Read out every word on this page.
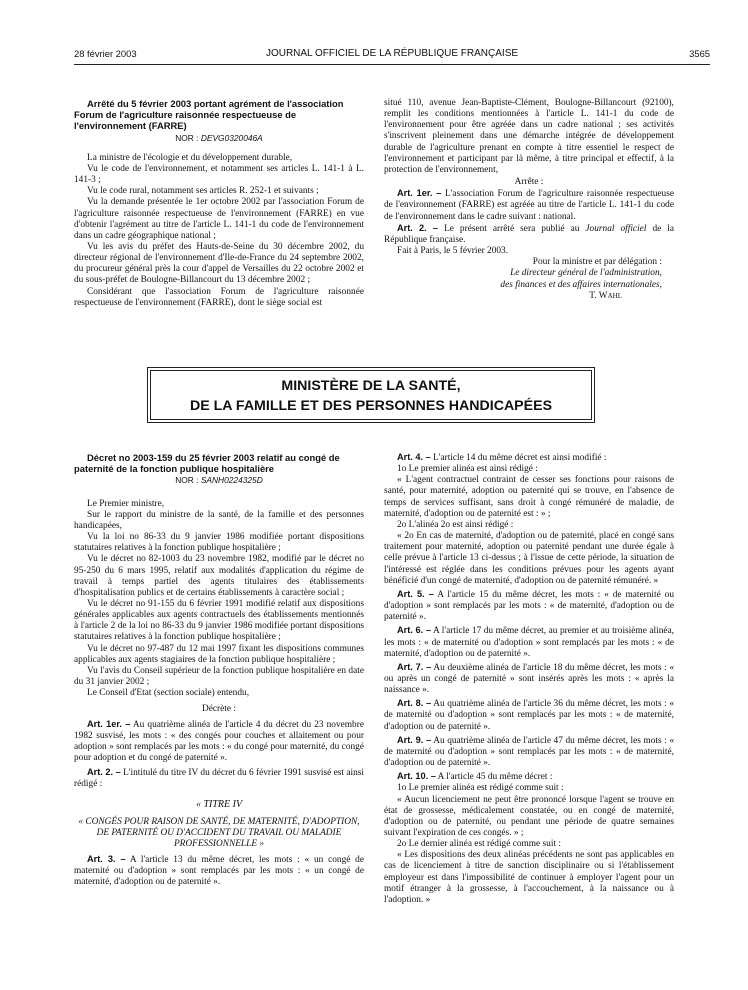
28 février 2003	JOURNAL OFFICIEL DE LA RÉPUBLIQUE FRANÇAISE	3565

Arrêté du 5 février 2003 portant agrément de l'association Forum de l'agriculture raisonnée respectueuse de l'environnement (FARRE)

NOR : DEVG0320046A

La ministre de l'écologie et du développement durable,

Vu le code de l'environnement, et notamment ses articles L. 141-1 à L. 141-3 ;

Vu le code rural, notamment ses articles R. 252-1 et suivants ;

Vu la demande présentée le 1er octobre 2002 par l'association Forum de l'agriculture raisonnée respectueuse de l'environnement (FARRE) en vue d'obtenir l'agrément au titre de l'article L. 141-1 du code de l'environnement dans un cadre géographique national ;

Vu les avis du préfet des Hauts-de-Seine du 30 décembre 2002, du directeur régional de l'environnement d'Ile-de-France du 24 septembre 2002, du procureur général près la cour d'appel de Versailles du 22 octobre 2002 et du sous-préfet de Boulogne-Billancourt du 13 décembre 2002 ;

Considérant que l'association Forum de l'agriculture raisonnée respectueuse de l'environnement (FARRE), dont le siège social est

situé 110, avenue Jean-Baptiste-Clément, Boulogne-Billancourt (92100), remplit les conditions mentionnées à l'article L. 141-1 du code de l'environnement pour être agréée dans un cadre national ; ses activités s'inscrivent pleinement dans une démarche intégrée de développement durable de l'agriculture prenant en compte à titre essentiel le respect de l'environnement et participant par là même, à titre principal et effectif, à la protection de l'environnement,

Arrête :

Art. 1er. – L'association Forum de l'agriculture raisonnée respectueuse de l'environnement (FARRE) est agréée au titre de l'article L. 141-1 du code de l'environnement dans le cadre suivant : national.

Art. 2. – Le présent arrêté sera publié au Journal officiel de la République française.

Fait à Paris, le 5 février 2003.

Pour la ministre et par délégation :

Le directeur général de l'administration,

des finances et des affaires internationales,

T. Wahl

MINISTÈRE DE LA SANTÉ,
DE LA FAMILLE ET DES PERSONNES HANDICAPÉES

Décret no 2003-159 du 25 février 2003 relatif au congé de paternité de la fonction publique hospitalière

NOR : SANH0224325D

Le Premier ministre,

Sur le rapport du ministre de la santé, de la famille et des personnes handicapées,

Vu la loi no 86-33 du 9 janvier 1986 modifiée portant dispositions statutaires relatives à la fonction publique hospitalière ;

Vu le décret no 82-1003 du 23 novembre 1982, modifié par le décret no 95-250 du 6 mars 1995, relatif aux modalités d'application du régime de travail à temps partiel des agents titulaires des établissements d'hospitalisation publics et de certains établissements à caractère social ;

Vu le décret no 91-155 du 6 février 1991 modifié relatif aux dispositions générales applicables aux agents contractuels des établissements mentionnés à l'article 2 de la loi no 86-33 du 9 janvier 1986 modifiée portant dispositions statutaires relatives à la fonction publique hospitalière ;

Vu le décret no 97-487 du 12 mai 1997 fixant les dispositions communes applicables aux agents stagiaires de la fonction publique hospitalière ;

Vu l'avis du Conseil supérieur de la fonction publique hospitalière en date du 31 janvier 2002 ;

Le Conseil d'Etat (section sociale) entendu,

Décrète :

Art. 1er. – Au quatrième alinéa de l'article 4 du décret du 23 novembre 1982 susvisé, les mots : « des congés pour couches et allaitement ou pour adoption » sont remplacés par les mots : « du congé pour maternité, du congé pour adoption et du congé de paternité ».

Art. 2. – L'intitulé du titre IV du décret du 6 février 1991 susvisé est ainsi rédigé :

« TITRE IV

« CONGÉS POUR RAISON DE SANTÉ, DE MATERNITÉ, D'ADOPTION, DE PATERNITÉ OU D'ACCIDENT DU TRAVAIL OU MALADIE PROFESSIONNELLE »

Art. 3. – A l'article 13 du même décret, les mots : « un congé de maternité ou d'adoption » sont remplacés par les mots : « un congé de maternité, d'adoption ou de paternité ».

Art. 4. – L'article 14 du même décret est ainsi modifié :

1o Le premier alinéa est ainsi rédigé :

« L'agent contractuel contraint de cesser ses fonctions pour raisons de santé, pour maternité, adoption ou paternité qui se trouve, en l'absence de temps de services suffisant, sans droit à congé rémunéré de maladie, de maternité, d'adoption ou de paternité est : » ;

2o L'alinéa 2o est ainsi rédigé :

« 2o En cas de maternité, d'adoption ou de paternité, placé en congé sans traitement pour maternité, adoption ou paternité pendant une durée égale à celle prévue à l'article 13 ci-dessus ; à l'issue de cette période, la situation de l'intéressé est réglée dans les conditions prévues pour les agents ayant bénéficié d'un congé de maternité, d'adoption ou de paternité rémunéré. »

Art. 5. – A l'article 15 du même décret, les mots : « de maternité ou d'adoption » sont remplacés par les mots : « de maternité, d'adoption ou de paternité ».

Art. 6. – A l'article 17 du même décret, au premier et au troisième alinéa, les mots : « de maternité ou d'adoption » sont remplacés par les mots : « de maternité, d'adoption ou de paternité ».

Art. 7. – Au deuxième alinéa de l'article 18 du même décret, les mots : « ou après un congé de paternité » sont insérés après les mots : « après la naissance ».

Art. 8. – Au quatrième alinéa de l'article 36 du même décret, les mots : « de maternité ou d'adoption » sont remplacés par les mots : « de maternité, d'adoption ou de paternité ».

Art. 9. – Au quatrième alinéa de l'article 47 du même décret, les mots : « de maternité ou d'adoption » sont remplacés par les mots : « de maternité, d'adoption ou de paternité ».

Art. 10. – A l'article 45 du même décret :

1o Le premier alinéa est rédigé comme suit :

« Aucun licenciement ne peut être prononcé lorsque l'agent se trouve en état de grossesse, médicalement constatée, ou en congé de maternité, d'adoption ou de paternité, ou pendant une période de quatre semaines suivant l'expiration de ces congés. » ;

2o Le dernier alinéa est rédigé comme suit :

« Les dispositions des deux alinéas précédents ne sont pas applicables en cas de licenciement à titre de sanction disciplinaire ou si l'établissement employeur est dans l'impossibilité de continuer à employer l'agent pour un motif étranger à la grossesse, à l'accouchement, à la naissance ou à l'adoption. »
